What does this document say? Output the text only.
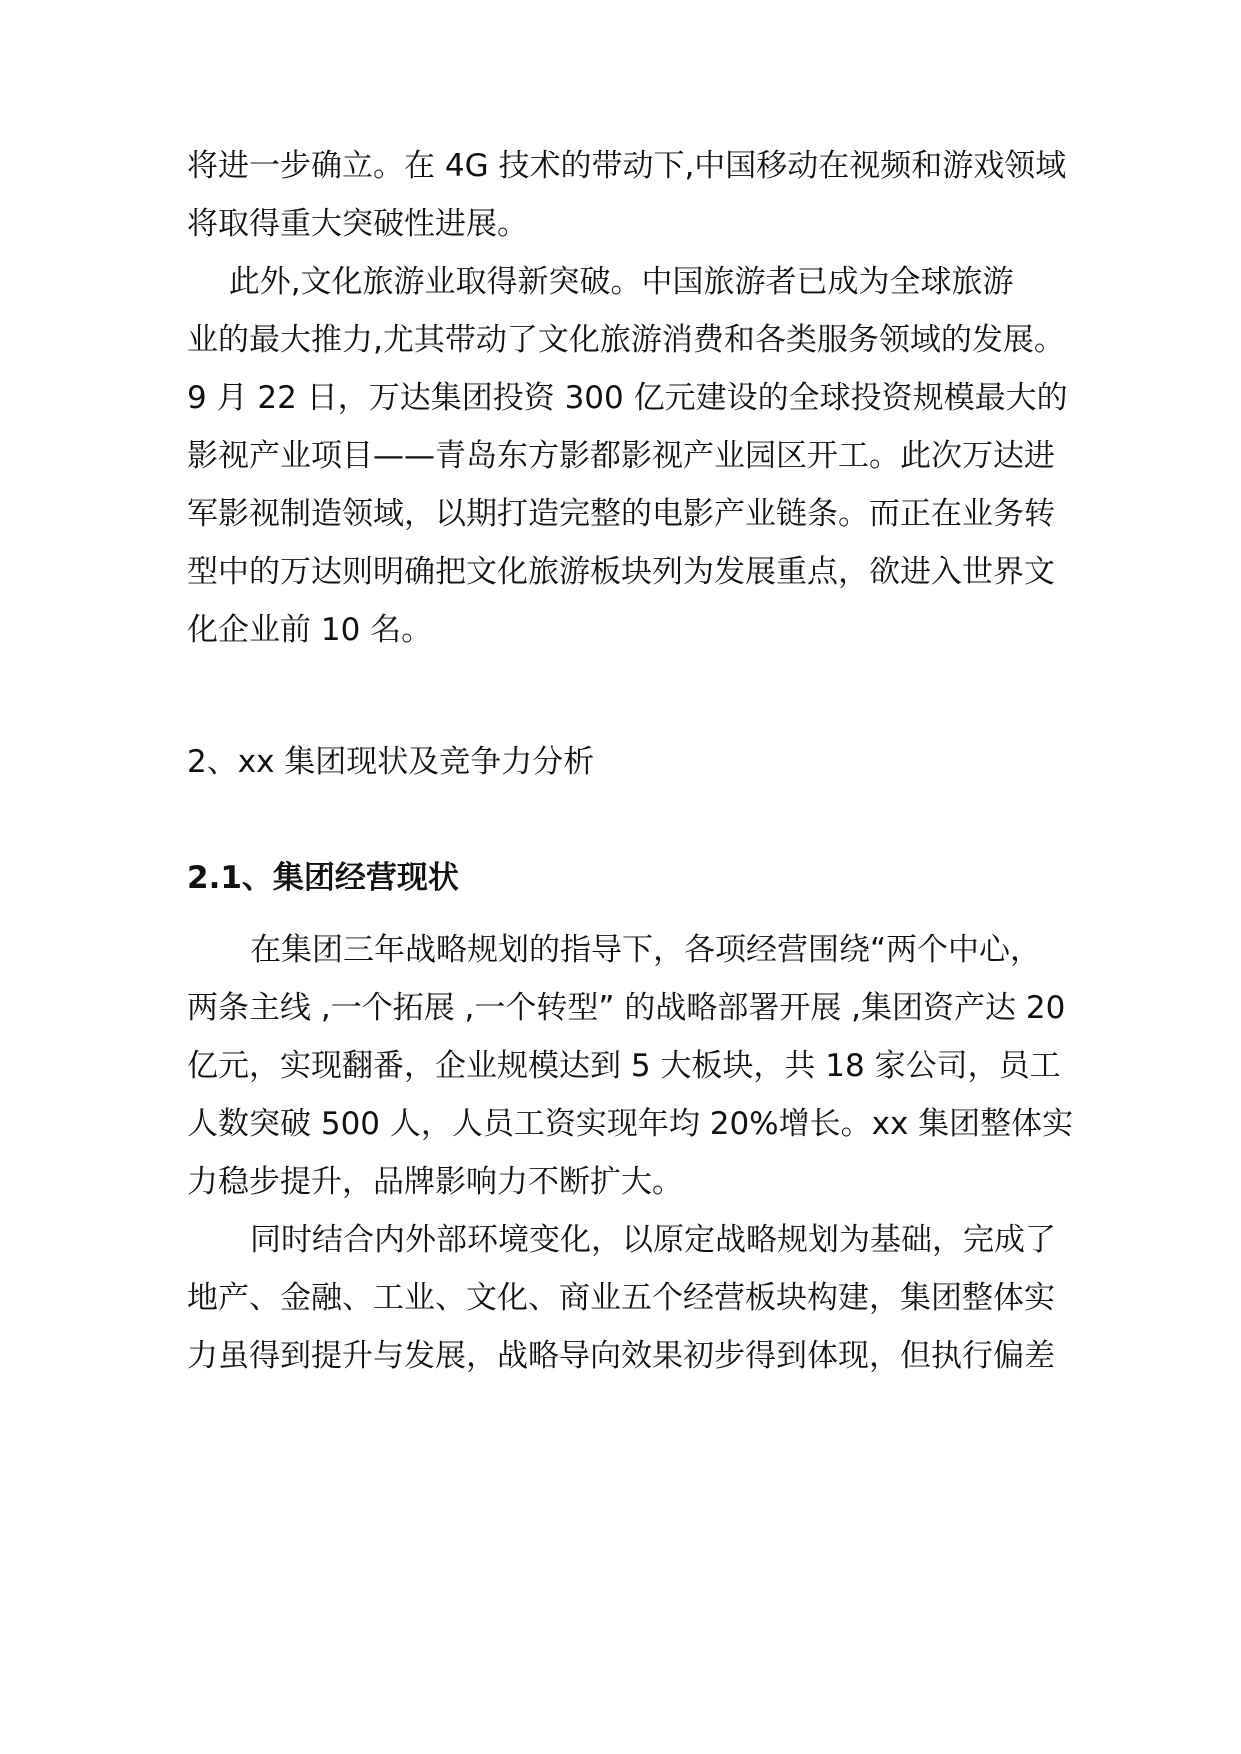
将进一步确立。在 4G 技术的带动下,中国移动在视频和游戏领域
将取得重大突破性进展。
此外,文化旅游业取得新突破。中国旅游者已成为全球旅游
业的最大推力,尤其带动了文化旅游消费和各类服务领域的发展。
9 月 22 日，万达集团投资 300 亿元建设的全球投资规模最大的
影视产业项目——青岛东方影都影视产业园区开工。此次万达进
军影视制造领域，以期打造完整的电影产业链条。而正在业务转
型中的万达则明确把文化旅游板块列为发展重点，欲进入世界文
化企业前 10 名。
2、xx 集团现状及竞争力分析
2.1、集团经营现状
在集团三年战略规划的指导下，各项经营围绕“两个中心，
两条主线 ,一个拓展 ,一个转型” 的战略部署开展 ,集团资产达 20
亿元，实现翻番，企业规模达到 5 大板块，共 18 家公司，员工
人数突破 500 人，人员工资实现年均 20%增长。xx 集团整体实
力稳步提升，品牌影响力不断扩大。
同时结合内外部环境变化，以原定战略规划为基础，完成了
地产、金融、工业、文化、商业五个经营板块构建，集团整体实
力虽得到提升与发展，战略导向效果初步得到体现，但执行偏差
